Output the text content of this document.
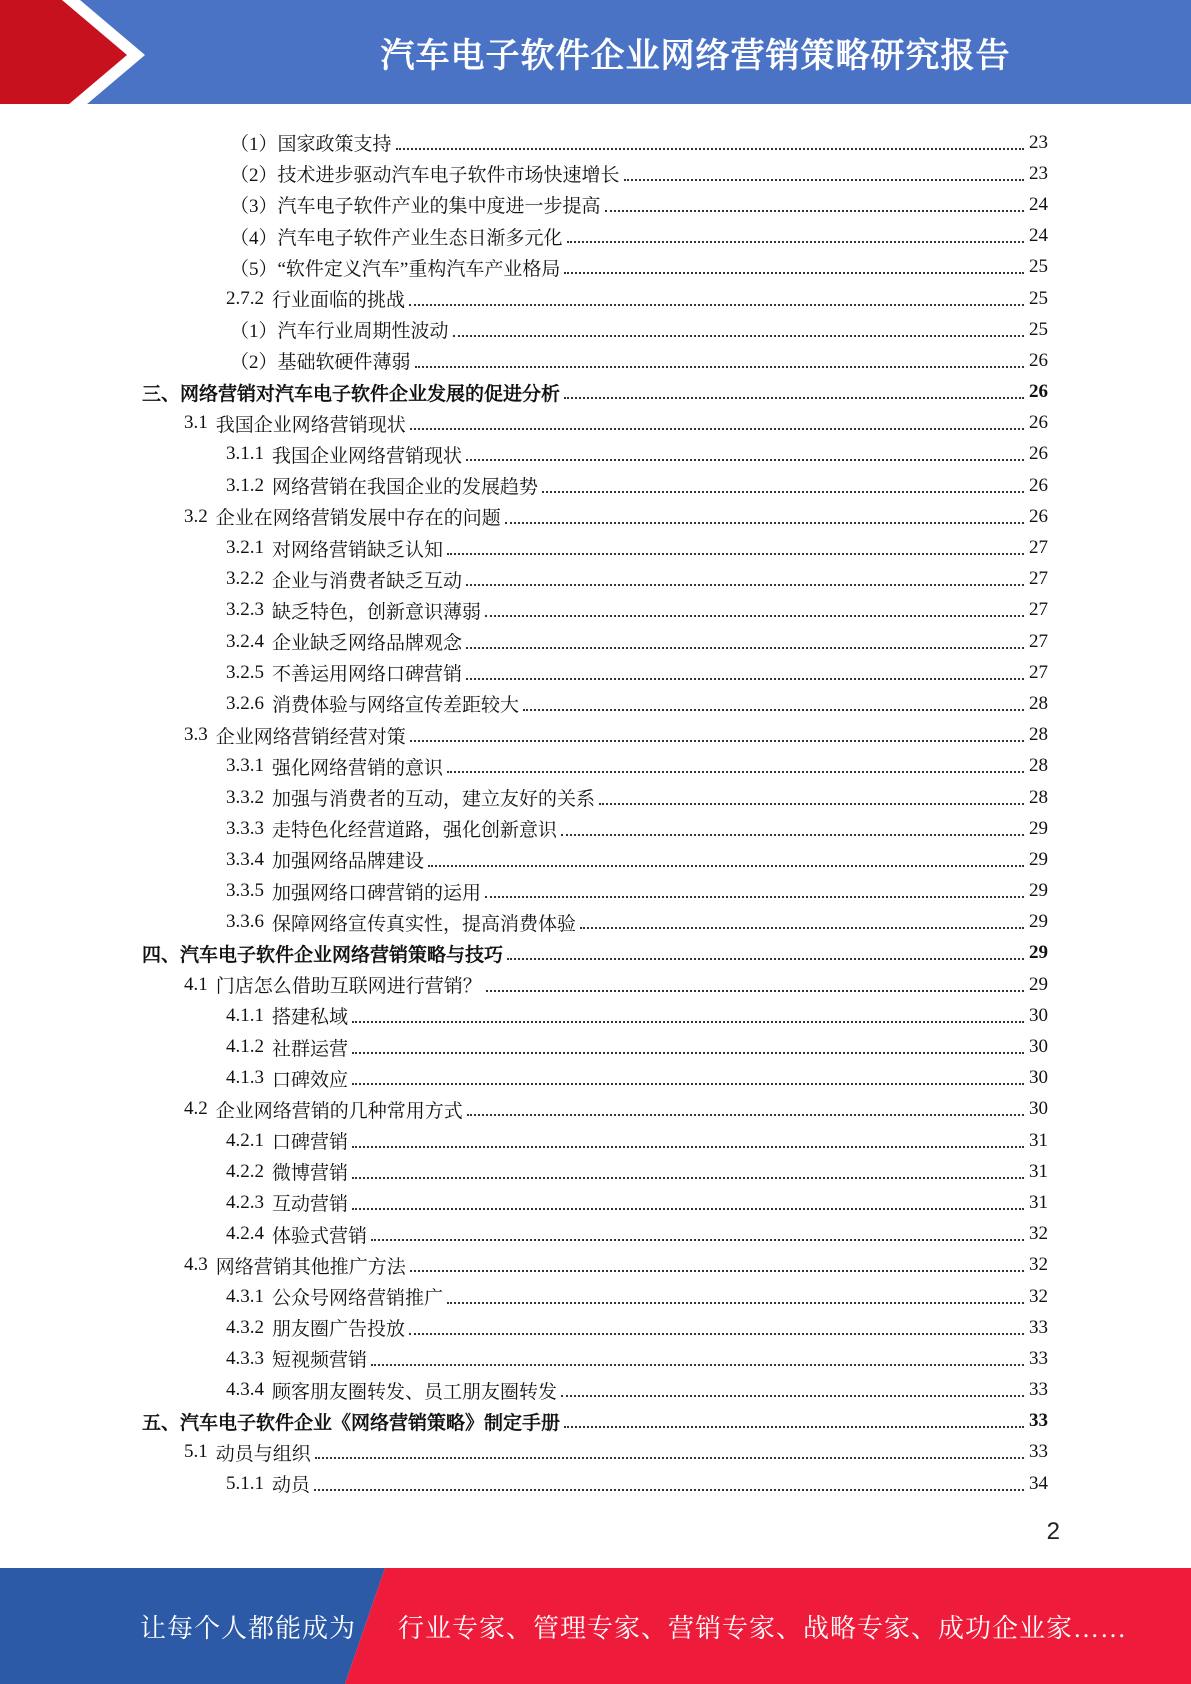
汽车电子软件企业网络营销策略研究报告
（1）国家政策支持	23
（2）技术进步驱动汽车电子软件市场快速增长	23
（3）汽车电子软件产业的集中度进一步提高	24
（4）汽车电子软件产业生态日渐多元化	24
（5）“软件定义汽车”重构汽车产业格局	25
2.7.2 行业面临的挑战	25
（1）汽车行业周期性波动	25
（2）基础软硬件薄弱	26
三、网络营销对汽车电子软件企业发展的促进分析	26
3.1 我国企业网络营销现状	26
3.1.1 我国企业网络营销现状	26
3.1.2 网络营销在我国企业的发展趋势	26
3.2 企业在网络营销发展中存在的问题	26
3.2.1 对网络营销缺乏认知	27
3.2.2 企业与消费者缺乏互动	27
3.2.3 缺乏特色，创新意识薄弱	27
3.2.4 企业缺乏网络品牌观念	27
3.2.5 不善运用网络口碑营销	27
3.2.6 消费体验与网络宣传差距较大	28
3.3 企业网络营销经营对策	28
3.3.1 强化网络营销的意识	28
3.3.2 加强与消费者的互动，建立友好的关系	28
3.3.3 走特色化经营道路，强化创新意识	29
3.3.4 加强网络品牌建设	29
3.3.5 加强网络口碑营销的运用	29
3.3.6 保障网络宣传真实性，提高消费体验	29
四、汽车电子软件企业网络营销策略与技巧	29
4.1 门店怎么借助互联网进行营销？	29
4.1.1 搭建私域	30
4.1.2 社群运营	30
4.1.3 口碑效应	30
4.2 企业网络营销的几种常用方式	30
4.2.1 口碑营销	31
4.2.2 微博营销	31
4.2.3 互动营销	31
4.2.4 体验式营销	32
4.3 网络营销其他推广方法	32
4.3.1 公众号网络营销推广	32
4.3.2 朋友圈广告投放	33
4.3.3 短视频营销	33
4.3.4 顾客朋友圈转发、员工朋友圈转发	33
五、汽车电子软件企业《网络营销策略》制定手册	33
5.1 动员与组织	33
5.1.1 动员	34
2
让每个人都能成为 行业专家、管理专家、营销专家、战略专家、成功企业家……
